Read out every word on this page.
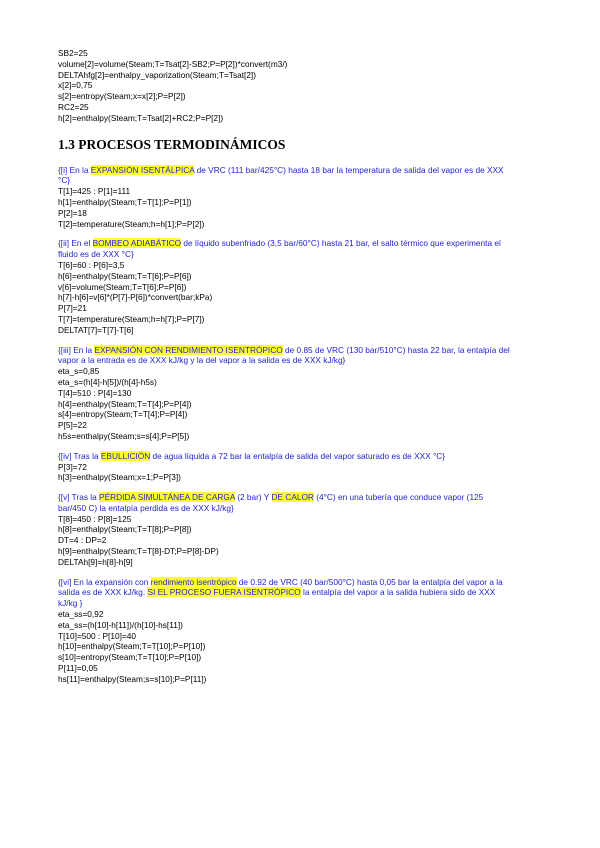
SB2=25
volume[2]=volume(Steam;T=Tsat[2]-SB2;P=P[2])*convert(m3/)
DELTAhfg[2]=enthalpy_vaporization(Steam;T=Tsat[2])
x[2]=0,75
s[2]=entropy(Steam;x=x[2];P=P[2])
RC2=25
h[2]=enthalpy(Steam;T=Tsat[2]+RC2;P=P[2])
1.3 PROCESOS TERMODINÁMICOS
{[i] En la EXPANSIÓN ISENTÁLPICA de VRC (111 bar/425°C) hasta 18 bar la temperatura de salida del vapor es de XXX °C}
T[1]=425 : P[1]=111
h[1]=enthalpy(Steam;T=T[1];P=P[1])
P[2]=18
T[2]=temperature(Steam;h=h[1];P=P[2])
{[ii] En el BOMBEO ADIABÁTICO de líquido subenfriado (3,5 bar/60°C) hasta 21 bar, el salto térmico que experimenta el fluido es de XXX °C}
T[6]=60 : P[6]=3,5
h[6]=enthalpy(Steam;T=T[6];P=P[6])
v[6]=volume(Steam;T=T[6];P=P[6])
h[7]-h[6]=v[6]*(P[7]-P[6])*convert(bar;kPa)
P[7]=21
T[7]=temperature(Steam;h=h[7];P=P[7])
DELTAT[7]=T[7]-T[6]
{[iii] En la EXPANSIÓN CON RENDIMIENTO ISENTRÓPICO de 0.85 de VRC (130 bar/510°C) hasta 22 bar, la entalpía del vapor a la entrada es de XXX kJ/kg y la del vapor a la salida es de XXX kJ/kg}
eta_s=0,85
eta_s=(h[4]-h[5])/(h[4]-h5s)
T[4]=510 : P[4]=130
h[4]=enthalpy(Steam;T=T[4];P=P[4])
s[4]=entropy(Steam;T=T[4];P=P[4])
P[5]=22
h5s=enthalpy(Steam;s=s[4];P=P[5])
{[iv] Tras la EBULLICIÓN de agua líquida a 72 bar la entalpía de salida del vapor saturado es de XXX °C}
P[3]=72
h[3]=enthalpy(Steam;x=1;P=P[3])
{[v] Tras la PÉRDIDA SIMULTÁNEA DE CARGA (2 bar) Y DE CALOR (4°C) en una tubería que conduce vapor (125 bar/450 C) la entalpía perdida es de XXX kJ/kg}
T[8]=450 : P[8]=125
h[8]=enthalpy(Steam;T=T[8];P=P[8])
DT=4 : DP=2
h[9]=enthalpy(Steam;T=T[8]-DT;P=P[8]-DP)
DELTAh[9]=h[8]-h[9]
{[vi] En la expansión con rendimiento isentrópico de 0.92 de VRC (40 bar/500°C) hasta 0,05 bar la entalpía del vapor a la salida es de XXX kJ/kg. SI EL PROCESO FUERA ISENTRÓPICO la entalpía del vapor a la salida hubiera sido de XXX kJ/kg }
eta_ss=0,92
eta_ss=(h[10]-h[11])/(h[10]-hs[11])
T[10]=500 : P[10]=40
h[10]=enthalpy(Steam;T=T[10];P=P[10])
s[10]=entropy(Steam;T=T[10];P=P[10])
P[11]=0,05
hs[11]=enthalpy(Steam;s=s[10];P=P[11])
